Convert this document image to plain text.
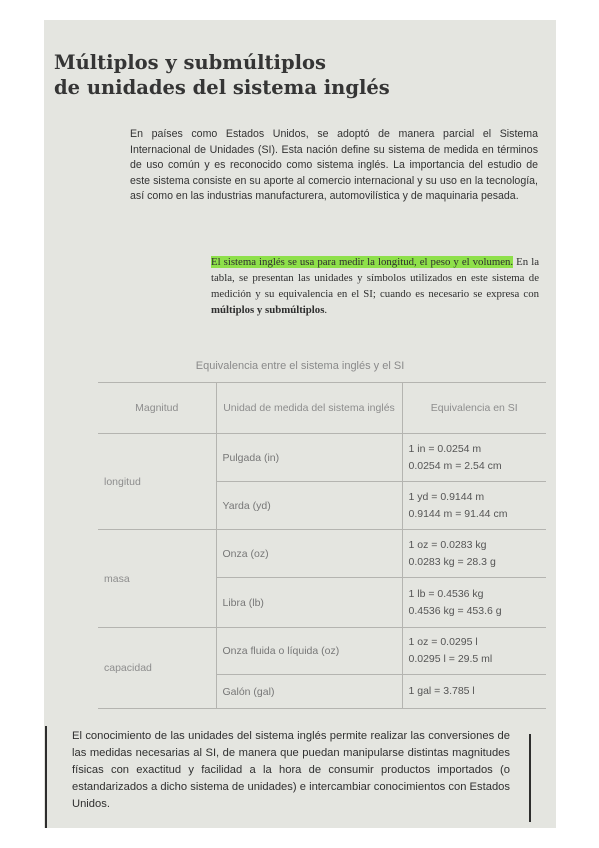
Múltiplos y submúltiplos
de unidades del sistema inglés

En países como Estados Unidos, se adoptó de manera parcial el Sistema Internacional de Unidades (SI). Esta nación define su sistema de medida en términos de uso común y es reconocido como sistema inglés. La importancia del estudio de este sistema consiste en su aporte al comercio internacional y su uso en la tecnología, así como en las industrias manufacturera, automovilística y de maquinaria pesada.

El sistema inglés se usa para medir la longitud, el peso y el volumen. En la tabla, se presentan las unidades y símbolos utilizados en este sistema de medición y su equivalencia en el SI; cuando es necesario se expresa con múltiplos y submúltiplos.

Equivalencia entre el sistema inglés y el SI
Magnitud	Unidad de medida del sistema inglés	Equivalencia en SI
longitud	Pulgada (in)	1 in = 0.0254 m
0.0254 m = 2.54 cm

	Yarda (yd)	1 yd = 0.9144 m
0.9144 m = 91.44 cm

masa	Onza (oz)	1 oz = 0.0283 kg
0.0283 kg = 28.3 g

	Libra (lb)	1 lb = 0.4536 kg
0.4536 kg = 453.6 g

capacidad	Onza fluida o líquida (oz)	1 oz = 0.0295 l
0.0295 l = 29.5 ml

	Galón (gal)	1 gal = 3.785 l

El conocimiento de las unidades del sistema inglés permite realizar las conversiones de las medidas necesarias al SI, de manera que puedan manipularse distintas magnitudes físicas con exactitud y facilidad a la hora de consumir productos importados (o estandarizados a dicho sistema de unidades) e intercambiar conocimientos con Estados Unidos.
